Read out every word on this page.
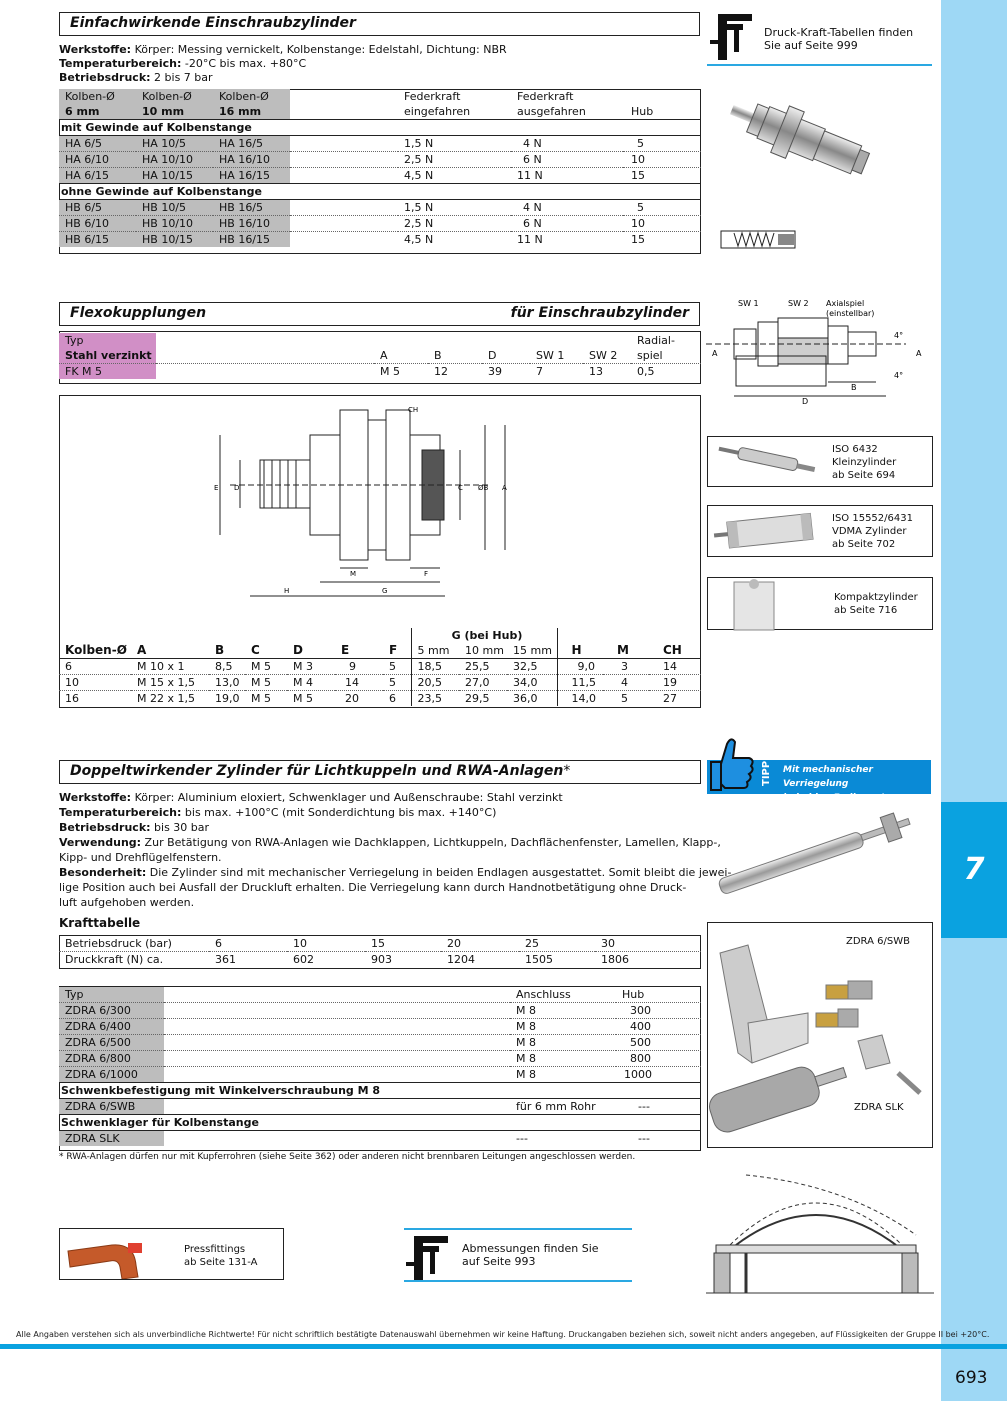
7
693
Alle Angaben verstehen sich als unverbindliche Richtwerte! Für nicht schriftlich bestätigte Datenauswahl übernehmen wir keine Haftung. Druckangaben beziehen sich, soweit nicht anders angegeben, auf Flüssigkeiten der Gruppe II bei +20°C.
Einfachwirkende Einschraubzylinder
Werkstoffe: Körper: Messing vernickelt, Kolbenstange: Edelstahl, Dichtung: NBR
Temperaturbereich: -20°C bis max. +80°C
Betriebsdruck: 2 bis 7 bar
Kolben-Ø	Kolben-Ø	Kolben-Ø		Federkraft	Federkraft	
6 mm	10 mm	16 mm		eingefahren	ausgefahren	Hub
mit Gewinde auf Kolbenstange						
HA 6/5	HA 10/5	HA 16/5		1,5 N	4 N	5
HA 6/10	HA 10/10	HA 16/10		2,5 N	6 N	10
HA 6/15	HA 10/15	HA 16/15		4,5 N	11 N	15
ohne Gewinde auf Kolbenstange						
HB 6/5	HB 10/5	HB 16/5		1,5 N	4 N	5
HB 6/10	HB 10/10	HB 16/10		2,5 N	6 N	10
HB 6/15	HB 10/15	HB 16/15		4,5 N	11 N	15
Druck-Kraft-Tabellen finden
Sie auf Seite 999
Flexokupplungen	für Einschraubzylinder
Typ							Radial-
Stahl verzinkt		A	B	D	SW 1	SW 2	spiel
FK M 5		M 5	12	39	7	13	0,5
SW 1	SW 2 Axialspiel
(einstellbar)
A	A
B
D
4°
4°
CH
E D	C ØB A
M	F
H	G
							G (bei Hub)					
Kolben-Ø	A	B	C	D	E	F	5 mm	10 mm	15 mm	H	M	CH
6	M 10 x 1	8,5	M 5	M 3	9	5	18,5	25,5	32,5	9,0	3	14
10	M 15 x 1,5	13,0	M 5	M 4	14	5	20,5	27,0	34,0	11,5	4	19
16	M 22 x 1,5	19,0	M 5	M 5	20	6	23,5	29,5	36,0	14,0	5	27
ISO 6432
Kleinzylinder
ab Seite 694
ISO 15552/6431
VDMA Zylinder
ab Seite 702
Kompaktzylinder
ab Seite 716
Doppeltwirkender Zylinder für Lichtkuppeln und RWA-Anlagen*	TIPP Mit mechanischer Verriegelung
in beiden Endlagen!
Werkstoffe: Körper: Aluminium eloxiert, Schwenklager und Außenschraube: Stahl verzinkt
Temperaturbereich: bis max. +100°C (mit Sonderdichtung bis max. +140°C)
Betriebsdruck: bis 30 bar
Verwendung: Zur Betätigung von RWA-Anlagen wie Dachklappen, Lichtkuppeln, Dachflächenfenster, Lamellen, Klapp-,
Kipp- und Drehflügelfenstern.
Besonderheit: Die Zylinder sind mit mechanischer Verriegelung in beiden Endlagen ausgestattet. Somit bleibt die jewei-
lige Position auch bei Ausfall der Druckluft erhalten. Die Verriegelung kann durch Handnotbetätigung ohne Druck-
luft aufgehoben werden.
Krafttabelle
Betriebsdruck (bar)	6	10	15	20	25	30
Druckkraft (N) ca.	361	602	903	1204	1505	1806
Typ		Anschluss	Hub
ZDRA 6/300		M 8	300
ZDRA 6/400		M 8	400
ZDRA 6/500		M 8	500
ZDRA 6/800		M 8	800
ZDRA 6/1000		M 8	1000
Schwenkbefestigung mit Winkelverschraubung M 8			
ZDRA 6/SWB		für 6 mm Rohr	---
Schwenklager für Kolbenstange			
ZDRA SLK		---	---
* RWA-Anlagen dürfen nur mit Kupferrohren (siehe Seite 362) oder anderen nicht brennbaren Leitungen angeschlossen werden.
ZDRA 6/SWB
ZDRA SLK
Pressfittings
ab Seite 131-A
Abmessungen finden Sie
auf Seite 993
